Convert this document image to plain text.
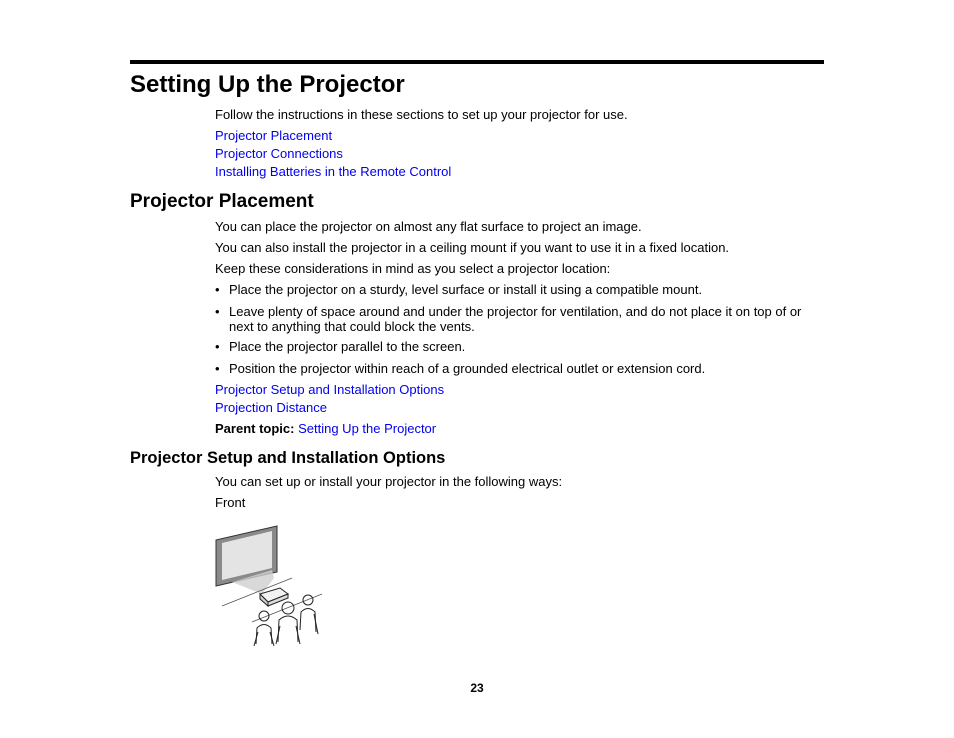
Setting Up the Projector

Follow the instructions in these sections to set up your projector for use.

Projector Placement

Projector Connections

Installing Batteries in the Remote Control

Projector Placement

You can place the projector on almost any flat surface to project an image.

You can also install the projector in a ceiling mount if you want to use it in a fixed location.

Keep these considerations in mind as you select a projector location:

• Place the projector on a sturdy, level surface or install it using a compatible mount.
• Leave plenty of space around and under the projector for ventilation, and do not place it on top of or next to anything that could block the vents.
• Place the projector parallel to the screen.
• Position the projector within reach of a grounded electrical outlet or extension cord.

Projector Setup and Installation Options

Projection Distance

Parent topic: Setting Up the Projector

Projector Setup and Installation Options

You can set up or install your projector in the following ways:

Front

23
